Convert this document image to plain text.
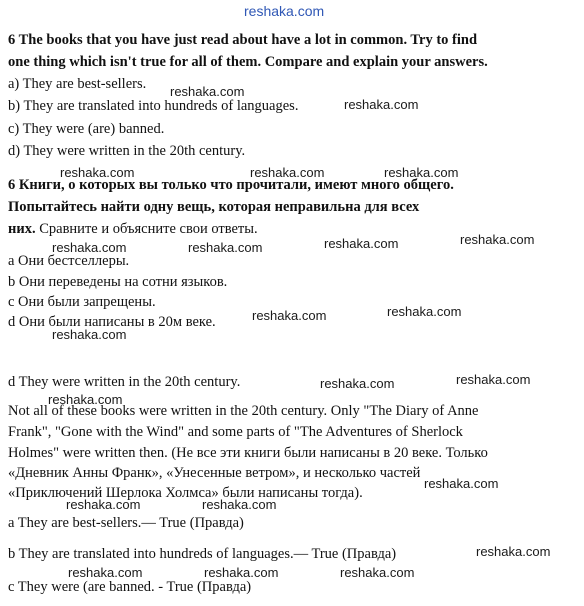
reshaka.com
6 The books that you have just read about have a lot in common. Try to find
one thing which isn't true for all of them. Compare and explain your answers.
a) They are best-sellers. reshaka.com
b) They are translated into hundreds of languages.	reshaka.com
c) They were (are) banned.
d) They were written in the 20th century.
reshaka.com	reshaka.com	reshaka.com
6 Книги, о которых вы только что прочитали, имеют много общего.
Попытайтесь найти одну вещь, которая неправильна для всех
них. Сравните и объясните свои ответы.
reshaka.com	reshaka.com	reshaka.com	reshaka.com
a Они бестселлеры.
b Они переведены на сотни языков.
c Они были запрещены.
d Они были написаны в 20м веке.	reshaka.com	reshaka.com
reshaka.com
d They were written in the 20th century.	reshaka.com	reshaka.com
reshaka.com
Not all of these books were written in the 20th century. Only "The Diary of Anne
Frank", "Gone with the Wind" and some parts of "The Adventures of Sherlock
Holmes" were written then. (Не все эти книги были написаны в 20 веке. Только
«Дневник Анны Франк», «Унесенные ветром», и несколько частей
«Приключений Шерлока Холмса» были написаны тогда).
reshaka.com
reshaka.com	reshaka.com
a They are best-sellers.— True (Правда)
b They are translated into hundreds of languages.— True (Правда)	reshaka.com
reshaka.com	reshaka.com	reshaka.com
c They were (are banned. - True (Правда)
